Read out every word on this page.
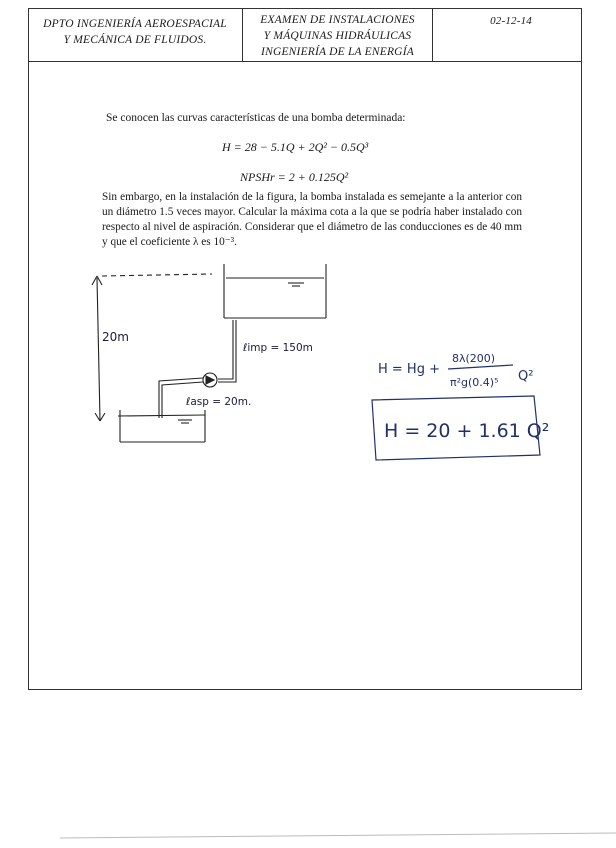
DPTO INGENIERÍA AEROESPACIAL
Y MECÁNICA DE FLUIDOS.
EXAMEN DE INSTALACIONES
Y MÁQUINAS HIDRÁULICAS
INGENIERÍA DE LA ENERGÍA
02-12-14
Se conocen las curvas características de una bomba determinada:
H = 28 − 5.1Q + 2Q² − 0.5Q³
NPSHr = 2 + 0.125Q²
Sin embargo, en la instalación de la figura, la bomba instalada es semejante a la anterior con un diámetro 1.5 veces mayor. Calcular la máxima cota a la que se podría haber instalado con respecto al nivel de aspiración. Considerar que el diámetro de las conducciones es de 40 mm y que el coeficiente λ es 10⁻³.
20m
ℓimp = 150m
ℓasp = 20m.
H = Hg +
8λ(200)
π²g(0.4)⁵ Q²
H = 20 + 1.61 Q²
